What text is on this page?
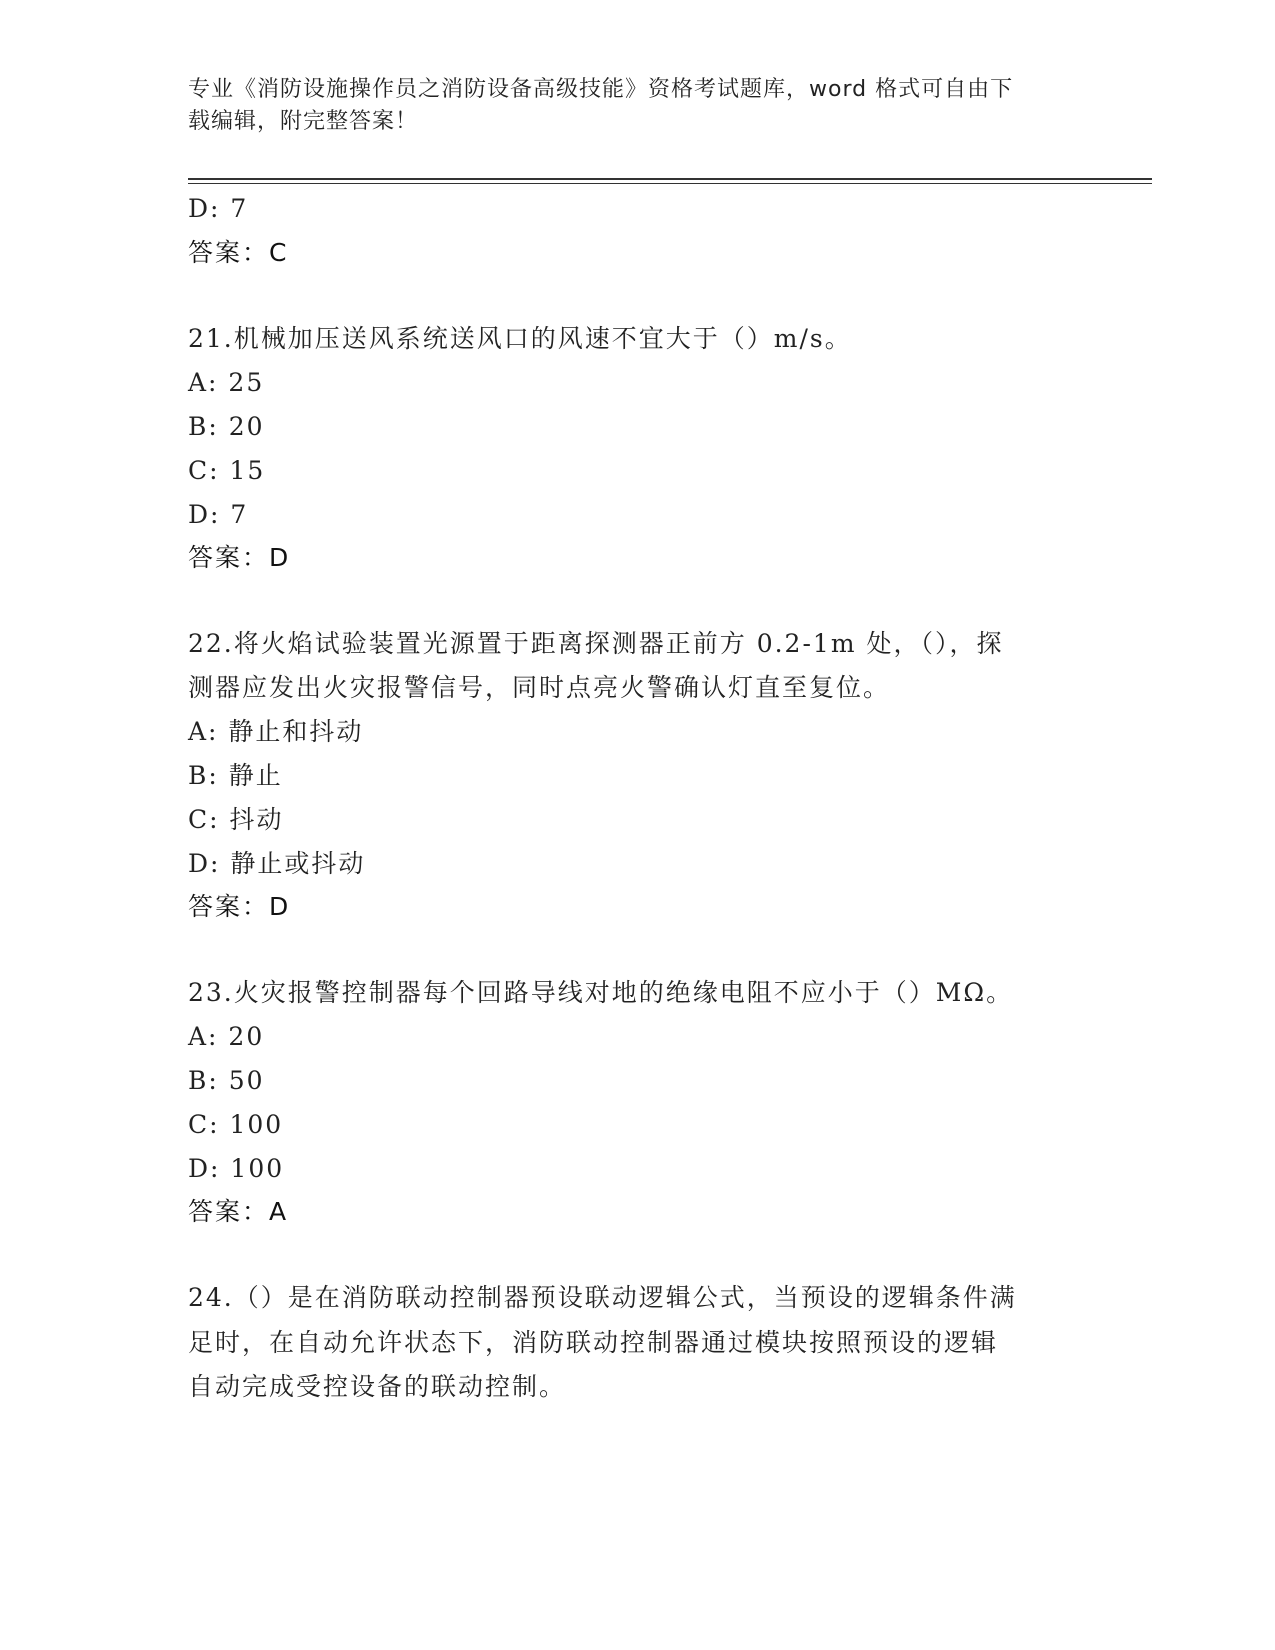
专业《消防设施操作员之消防设备高级技能》资格考试题库，word 格式可自由下
载编辑，附完整答案！
D: 7
答案：C
21.机械加压送风系统送风口的风速不宜大于（）m/s。
A: 25
B: 20
C: 15
D: 7
答案：D
22.将火焰试验装置光源置于距离探测器正前方 0.2-1m 处，（），探
测器应发出火灾报警信号，同时点亮火警确认灯直至复位。
A: 静止和抖动
B: 静止
C: 抖动
D: 静止或抖动
答案：D
23.火灾报警控制器每个回路导线对地的绝缘电阻不应小于（）MΩ。
A: 20
B: 50
C: 100
D: 100
答案：A
24.（）是在消防联动控制器预设联动逻辑公式，当预设的逻辑条件满
足时，在自动允许状态下，消防联动控制器通过模块按照预设的逻辑
自动完成受控设备的联动控制。
